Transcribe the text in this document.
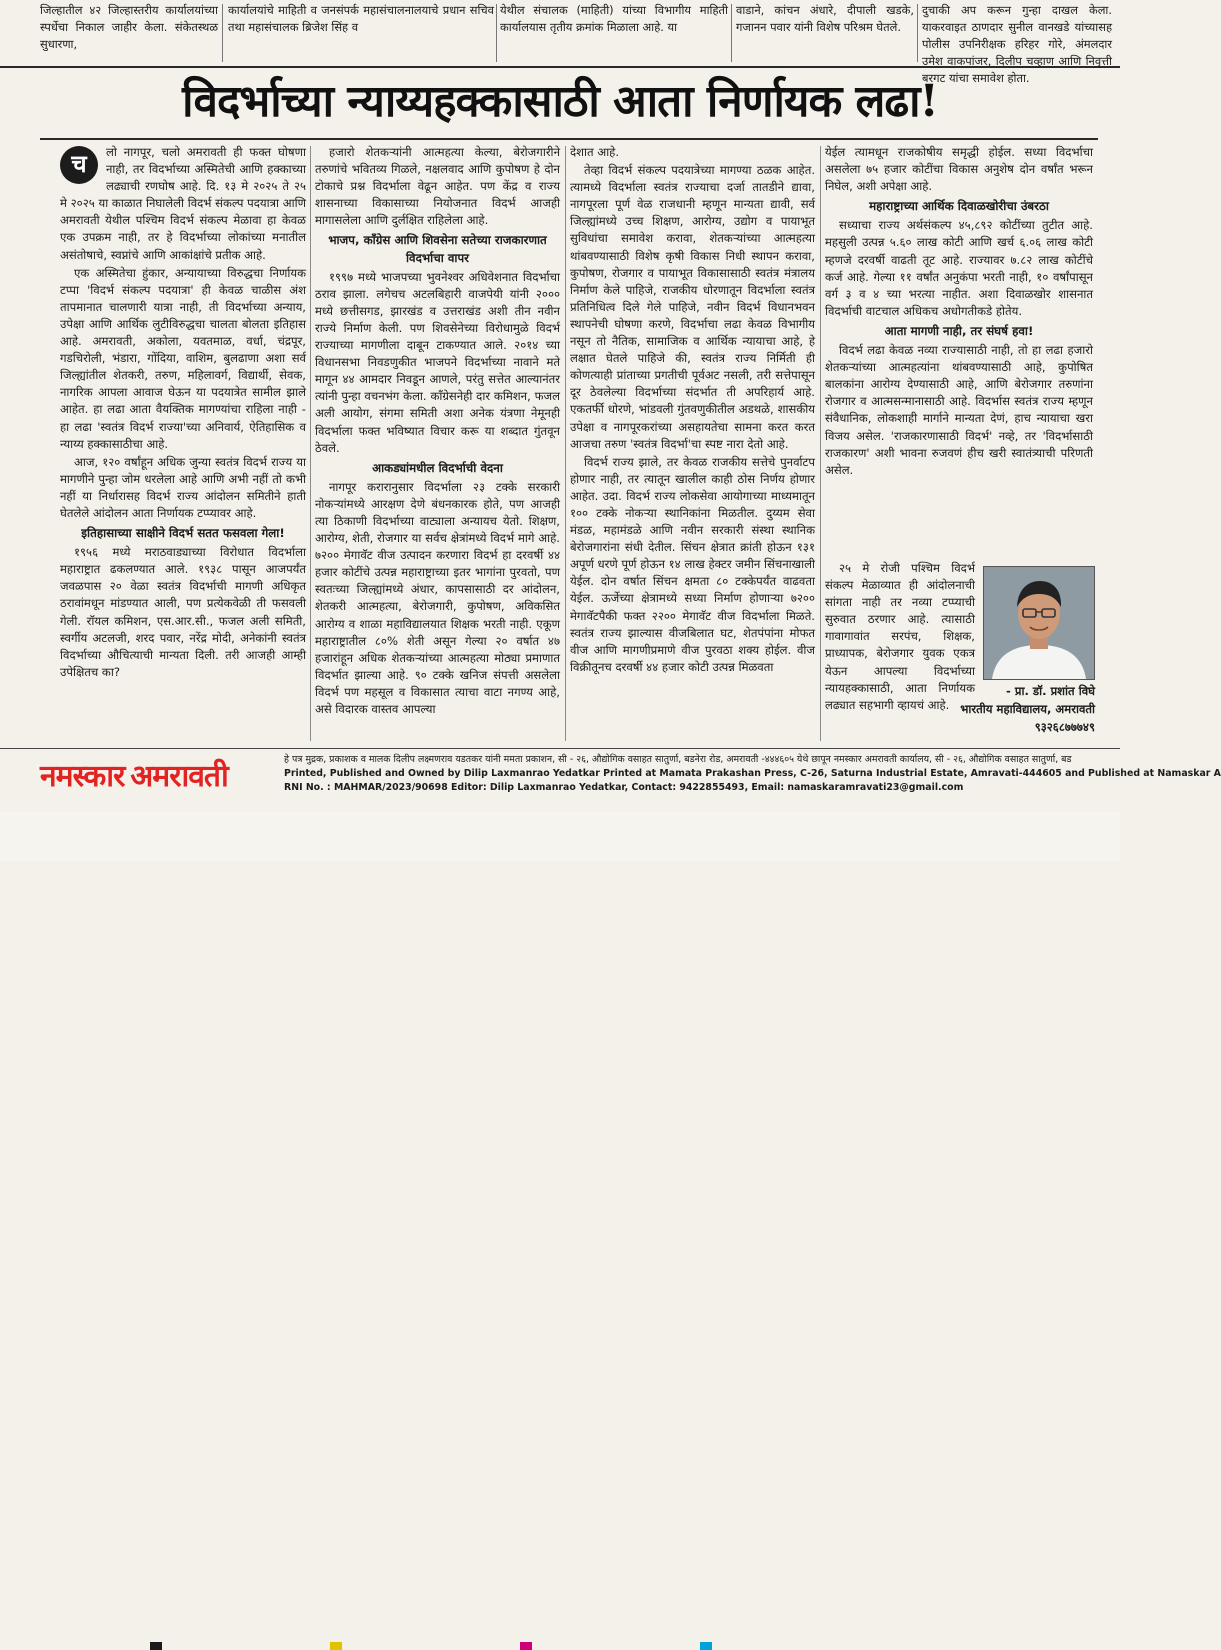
जिल्हातील ४२ जिल्हास्तरीय कार्यालयांच्या स्पर्धेचा निकाल जाहीर केला. संकेतस्थळ सुधारणा,
कार्यालयांचे माहिती व जनसंपर्क महासंचालनालयाचे प्रधान सचिव तथा महासंचालक ब्रिजेश सिंह व
येथील संचालक (माहिती) यांच्या विभागीय माहिती कार्यालयास तृतीय क्रमांक मिळाला आहे. या
वाडाने, कांचन अंधारे, दीपाली खडके, गजानन पवार यांनी विशेष परिश्रम घेतले.
दुचाकी अप करून गुन्हा दाखल केला. याकरवाइत ठाणदार सुनील वानखडे यांच्यासह पोलीस उपनिरीक्षक हरिहर गोरे, अंमलदार उमेश वाकपांजर, दिलीप चव्हाण आणि निवृत्ती बरगट यांचा समावेश होता.
विदर्भाच्या न्याय्यहक्कासाठी आता निर्णायक लढा!
च	लो नागपूर, चलो अमरावती ही फक्त घोषणा नाही, तर विदर्भाच्या अस्मितेची आणि हक्काच्या लढ्याची रणघोष आहे. दि. १३ मे २०२५ ते २५ मे २०२५ या काळात निघालेली विदर्भ संकल्प पदयात्रा आणि अमरावती येथील पश्चिम विदर्भ संकल्प मेळावा हा केवळ एक उपक्रम नाही, तर हे विदर्भाच्या लोकांच्या मनातील असंतोषाचे, स्वप्नांचे आणि आकांक्षांचे प्रतीक आहे.

एक अस्मितेचा हुंकार, अन्यायाच्या विरुद्धचा निर्णायक टप्पा 'विदर्भ संकल्प पदयात्रा' ही केवळ चाळीस अंश तापमानात चालणारी यात्रा नाही, ती विदर्भाच्या अन्याय, उपेक्षा आणि आर्थिक लुटीविरुद्धचा चालता बोलता इतिहास आहे. अमरावती, अकोला, यवतमाळ, वर्धा, चंद्रपूर, गडचिरोली, भंडारा, गोंदिया, वाशिम, बुलढाणा अशा सर्व जिल्ह्यांतील शेतकरी, तरुण, महिलावर्ग, विद्यार्थी, सेवक, नागरिक आपला आवाज घेऊन या पदयात्रेत सामील झाले आहेत. हा लढा आता वैयक्तिक मागण्यांचा राहिला नाही - हा लढा 'स्वतंत्र विदर्भ राज्या'च्या अनिवार्य, ऐतिहासिक व न्याय्य हक्कासाठीचा आहे.

आज, १२० वर्षांहून अधिक जुन्या स्वतंत्र विदर्भ राज्य या मागणीने पुन्हा जोम धरलेला आहे आणि अभी नहीं तो कभी नहीं या निर्धारासह विदर्भ राज्य आंदोलन समितीने हाती घेतलेले आंदोलन आता निर्णायक टप्प्यावर आहे.

इतिहासाच्या साक्षीने विदर्भ सतत फसवला गेला!

१९५६ मध्ये मराठवाड्याच्या विरोधात विदर्भाला महाराष्ट्रात ढकलण्यात आले. १९३८ पासून आजपर्यंत जवळपास २० वेळा स्वतंत्र विदर्भाची मागणी अधिकृत ठरावांमधून मांडण्यात आली, पण प्रत्येकवेळी ती फसवली गेली. रॉयल कमिशन, एस.आर.सी., फजल अली समिती, स्वर्गीय अटलजी, शरद पवार, नरेंद्र मोदी, अनेकांनी स्वतंत्र विदर्भाच्या औचित्याची मान्यता दिली. तरी आजही आम्ही उपेक्षितच का?

हजारो शेतकऱ्यांनी आत्महत्या केल्या, बेरोजगारीने तरुणांचे भवितव्य गिळले, नक्षलवाद आणि कुपोषण हे दोन टोकाचे प्रश्न विदर्भाला वेढून आहेत. पण केंद्र व राज्य शासनाच्या विकासाच्या नियोजनात विदर्भ आजही मागासलेला आणि दुर्लक्षित राहिलेला आहे.

भाजप, काँग्रेस आणि शिवसेना सतेच्या राजकारणात विदर्भाचा वापर

१९९७ मध्ये भाजपच्या भुवनेश्वर अधिवेशनात विदर्भाचा ठराव झाला. लगेचच अटलबिहारी वाजपेयी यांनी २००० मध्ये छत्तीसगड, झारखंड व उत्तराखंड अशी तीन नवीन राज्ये निर्माण केली. पण शिवसेनेच्या विरोधामुळे विदर्भ राज्याच्या मागणीला दाबून टाकण्यात आले. २०१४ च्या विधानसभा निवडणुकीत भाजपने विदर्भाच्या नावाने मते मागून ४४ आमदार निवडून आणले, परंतु सत्तेत आल्यानंतर त्यांनी पुन्हा वचनभंग केला. काँग्रेसनेही दार कमिशन, फजल अली आयोग, संगमा समिती अशा अनेक यंत्रणा नेमूनही विदर्भाला फक्त भविष्यात विचार करू या शब्दात गुंतवून ठेवले.

आकड्यांमधील विदर्भाची वेदना

नागपूर करारानुसार विदर्भाला २३ टक्के सरकारी नोकऱ्यांमध्ये आरक्षण देणे बंधनकारक होते, पण आजही त्या ठिकाणी विदर्भाच्या वाट्याला अन्यायच येतो. शिक्षण, आरोग्य, शेती, रोजगार या सर्वच क्षेत्रांमध्ये विदर्भ मागे आहे. ७२०० मेगावॅट वीज उत्पादन करणारा विदर्भ हा दरवर्षी ४४ हजार कोटींचे उत्पन्न महाराष्ट्राच्या इतर भागांना पुरवतो, पण स्वतःच्या जिल्ह्यांमध्ये अंधार, कापसासाठी दर आंदोलन, शेतकरी आत्महत्या, बेरोजगारी, कुपोषण, अविकसित आरोग्य व शाळा महाविद्यालयात शिक्षक भरती नाही. एकूण महाराष्ट्रातील ८०% शेती असून गेल्या २० वर्षात ४७ हजारांहून अधिक शेतकऱ्यांच्या आत्महत्या मोठ्या प्रमाणात विदर्भात झाल्या आहे. ९० टक्के खनिज संपत्ती असलेला विदर्भ पण महसूल व विकासात त्याचा वाटा नगण्य आहे, असे विदारक वास्तव आपल्या

देशात आहे.

तेव्हा विदर्भ संकल्प पदयात्रेच्या मागण्या ठळक आहेत. त्यामध्ये विदर्भाला स्वतंत्र राज्याचा दर्जा तातडीने द्यावा, नागपूरला पूर्ण वेळ राजधानी म्हणून मान्यता द्यावी, सर्व जिल्ह्यांमध्ये उच्च शिक्षण, आरोग्य, उद्योग व पायाभूत सुविधांचा समावेश करावा, शेतकऱ्यांच्या आत्महत्या थांबवण्यासाठी विशेष कृषी विकास निधी स्थापन करावा, कुपोषण, रोजगार व पायाभूत विकासासाठी स्वतंत्र मंत्रालय निर्माण केले पाहिजे, राजकीय धोरणातून विदर्भाला स्वतंत्र प्रतिनिधित्व दिले गेले पाहिजे, नवीन विदर्भ विधानभवन स्थापनेची घोषणा करणे, विदर्भाचा लढा केवळ विभागीय नसून तो नैतिक, सामाजिक व आर्थिक न्यायाचा आहे, हे लक्षात घेतले पाहिजे की, स्वतंत्र राज्य निर्मिती ही कोणत्याही प्रांताच्या प्रगतीची पूर्वअट नसली, तरी सत्तेपासून दूर ठेवलेल्या विदर्भाच्या संदर्भात ती अपरिहार्य आहे. एकतर्फी धोरणे, भांडवली गुंतवणुकीतील अडथळे, शासकीय उपेक्षा व नागपूरकरांच्या असहायतेचा सामना करत करत आजचा तरुण 'स्वतंत्र विदर्भा'चा स्पष्ट नारा देतो आहे.

विदर्भ राज्य झाले, तर केवळ राजकीय सत्तेचे पुनर्वाटप होणार नाही, तर त्यातून खालील काही ठोस निर्णय होणार आहेत. उदा. विदर्भ राज्य लोकसेवा आयोगाच्या माध्यमातून १०० टक्के नोकऱ्या स्थानिकांना मिळतील. दुय्यम सेवा मंडळ, महामंडळे आणि नवीन सरकारी संस्था स्थानिक बेरोजगारांना संधी देतील. सिंचन क्षेत्रात क्रांती होऊन १३१ अपूर्ण धरणे पूर्ण होऊन १४ लाख हेक्टर जमीन सिंचनाखाली येईल. दोन वर्षात सिंचन क्षमता ८० टक्केपर्यंत वाढवता येईल. ऊर्जेच्या क्षेत्रामध्ये सध्या निर्माण होणाऱ्या ७२०० मेगावॅटपैकी फक्त २२०० मेगावॅट वीज विदर्भाला मिळते. स्वतंत्र राज्य झाल्यास वीजबिलात घट, शेतपंपांना मोफत वीज आणि मागणीप्रमाणे वीज पुरवठा शक्य होईल. वीज विक्रीतूनच दरवर्षी ४४ हजार कोटी उत्पन्न मिळवता

येईल त्यामधून राजकोषीय समृद्धी होईल. सध्या विदर्भाचा असलेला ७५ हजार कोटींचा विकास अनुशेष दोन वर्षांत भरून निघेल, अशी अपेक्षा आहे.

महाराष्ट्राच्या आर्थिक दिवाळखोरीचा उंबरठा

सध्याचा राज्य अर्थसंकल्प ४५,८९२ कोटींच्या तुटीत आहे. महसुली उत्पन्न ५.६० लाख कोटी आणि खर्च ६.०६ लाख कोटी म्हणजे दरवर्षी वाढती तूट आहे. राज्यावर ७.८२ लाख कोटींचे कर्ज आहे. गेल्या ११ वर्षांत अनुकंपा भरती नाही, १० वर्षांपासून वर्ग ३ व ४ च्या भरत्या नाहीत. अशा दिवाळखोर शासनात विदर्भाची वाटचाल अधिकच अधोगतीकडे होतेय.

आता मागणी नाही, तर संघर्ष हवा!

विदर्भ लढा केवळ नव्या राज्यासाठी नाही, तो हा लढा हजारो शेतकऱ्यांच्या आत्महत्यांना थांबवण्यासाठी आहे, कुपोषित बालकांना आरोग्य देण्यासाठी आहे, आणि बेरोजगार तरुणांना रोजगार व आत्मसन्मानासाठी आहे. विदर्भास स्वतंत्र राज्य म्हणून संवैधानिक, लोकशाही मार्गाने मान्यता देणं, हाच न्यायाचा खरा विजय असेल. 'राजकारणासाठी विदर्भ' नव्हे, तर 'विदर्भासाठी राजकारण' अशी भावना रुजवणं हीच खरी स्वातंत्र्याची परिणती असेल.

२५ मे रोजी पश्चिम विदर्भ संकल्प मेळाव्यात ही आंदोलनाची सांगता नाही तर नव्या टप्प्याची सुरुवात ठरणार आहे. त्यासाठी गावागावांत सरपंच, शिक्षक, प्राध्यापक, बेरोजगार युवक एकत्र येऊन आपल्या विदर्भाच्या न्यायहक्कासाठी, आता निर्णायक लढ्यात सहभागी व्हायचं आहे.

- प्रा. डॉ. प्रशांत विघे
भारतीय महाविद्यालय, अमरावती
९३२६८७७७४९
नमस्कार अमरावती	हे पत्र मुद्रक, प्रकाशक व मालक दिलीप लक्ष्मणराव यडतकर यांनी ममता प्रकाशन, सी - २६, औद्योगिक वसाहत सातुर्णा, बडनेरा रोड, अमरावती -४४४६०५ येथे छापून नमस्कार अमरावती कार्यालय, सी - २६, औद्योगिक वसाहत सातुर्णा, बड
Printed, Published and Owned by Dilip Laxmanrao Yedatkar Printed at Mamata Prakashan Press, C-26, Saturna Industrial Estate, Amravati-444605 and Published at Namaskar A
RNI No. : MAHMAR/2023/90698 Editor: Dilip Laxmanrao Yedatkar, Contact: 9422855493, Email: namaskaramravati23@gmail.com
